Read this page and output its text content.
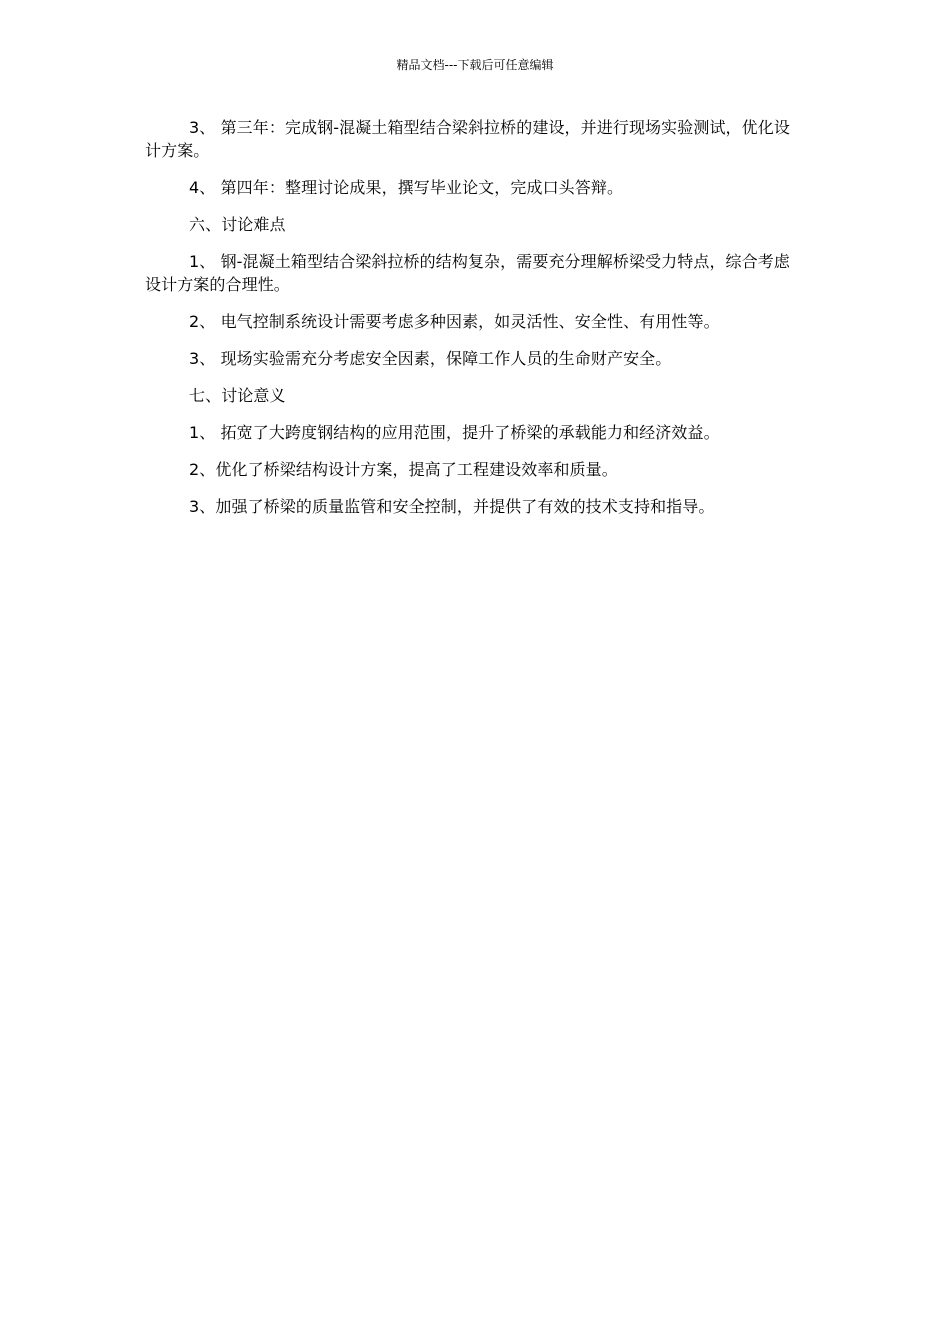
精品文档---下载后可任意编辑

3、 第三年：完成钢-混凝土箱型结合梁斜拉桥的建设，并进行现场实验测试，优化设计方案。

4、 第四年：整理讨论成果，撰写毕业论文，完成口头答辩。

六、讨论难点

1、 钢-混凝土箱型结合梁斜拉桥的结构复杂，需要充分理解桥梁受力特点，综合考虑设计方案的合理性。

2、 电气控制系统设计需要考虑多种因素，如灵活性、安全性、有用性等。

3、 现场实验需充分考虑安全因素，保障工作人员的生命财产安全。

七、讨论意义

1、 拓宽了大跨度钢结构的应用范围，提升了桥梁的承载能力和经济效益。

2、优化了桥梁结构设计方案，提高了工程建设效率和质量。

3、加强了桥梁的质量监管和安全控制，并提供了有效的技术支持和指导。
